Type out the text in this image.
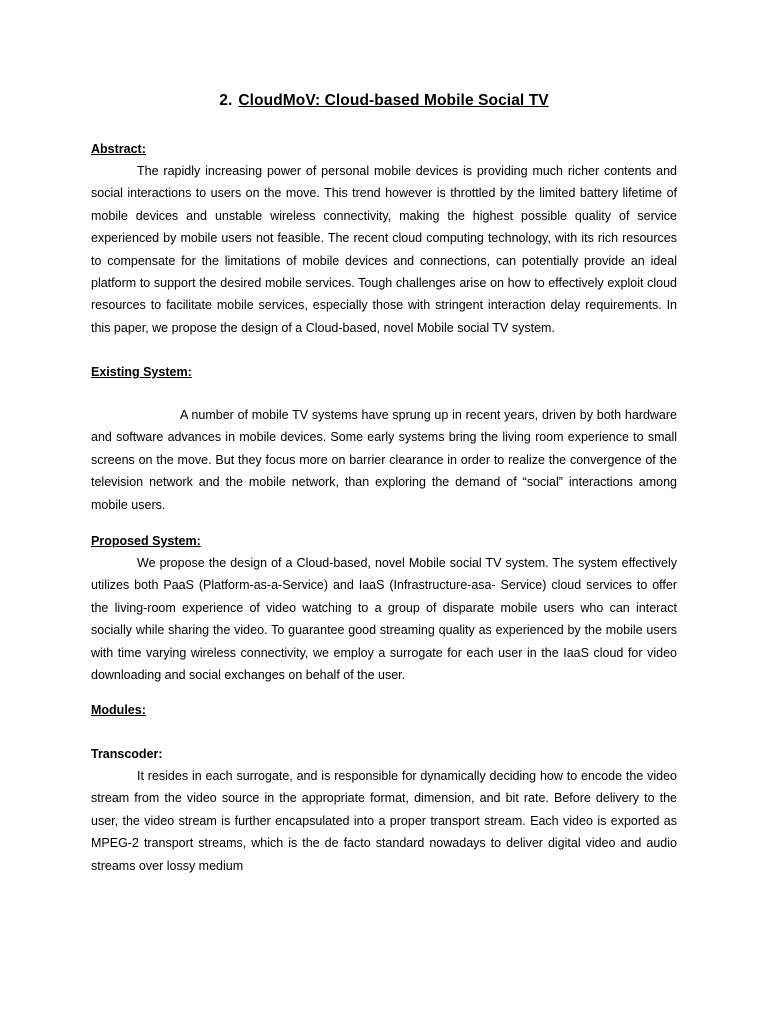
2. CloudMoV: Cloud-based Mobile Social TV
Abstract:

The rapidly increasing power of personal mobile devices is providing much richer contents and social interactions to users on the move. This trend however is throttled by the limited battery lifetime of mobile devices and unstable wireless connectivity, making the highest possible quality of service experienced by mobile users not feasible. The recent cloud computing technology, with its rich resources to compensate for the limitations of mobile devices and connections, can potentially provide an ideal platform to support the desired mobile services. Tough challenges arise on how to effectively exploit cloud resources to facilitate mobile services, especially those with stringent interaction delay requirements. In this paper, we propose the design of a Cloud-based, novel Mobile social TV system.

Existing System:

A number of mobile TV systems have sprung up in recent years, driven by both hardware and software advances in mobile devices. Some early systems bring the living room experience to small screens on the move. But they focus more on barrier clearance in order to realize the convergence of the television network and the mobile network, than exploring the demand of “social” interactions among mobile users.

Proposed System:

We propose the design of a Cloud-based, novel Mobile social TV system. The system effectively utilizes both PaaS (Platform-as-a-Service) and IaaS (Infrastructure-asa- Service) cloud services to offer the living-room experience of video watching to a group of disparate mobile users who can interact socially while sharing the video. To guarantee good streaming quality as experienced by the mobile users with time varying wireless connectivity, we employ a surrogate for each user in the IaaS cloud for video downloading and social exchanges on behalf of the user.

Modules:
Transcoder:

It resides in each surrogate, and is responsible for dynamically deciding how to encode the video stream from the video source in the appropriate format, dimension, and bit rate. Before delivery to the user, the video stream is further encapsulated into a proper transport stream. Each video is exported as MPEG-2 transport streams, which is the de facto standard nowadays to deliver digital video and audio streams over lossy medium
